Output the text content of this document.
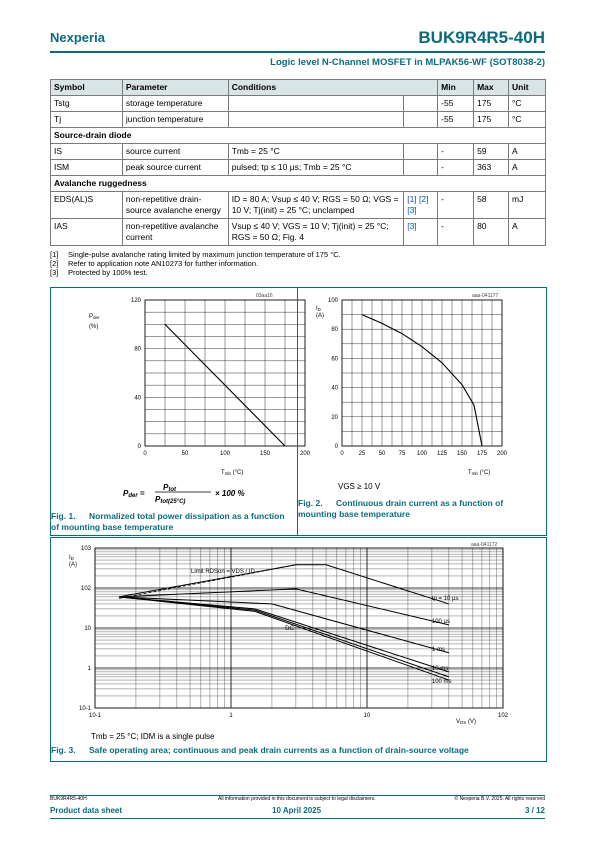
Nexperia	BUK9R4R5-40H
Logic level N-Channel MOSFET in MLPAK56-WF (SOT8038-2)
Symbol	Parameter	Conditions		Min	Max	Unit
Tstg	storage temperature			-55	175	°C
Tj	junction temperature			-55	175	°C
Source-drain diode						
IS	source current	Tmb = 25 °C		-	59	A
ISM	peak source current	pulsed; tp ≤ 10 µs; Tmb = 25 °C		-	363	A
Avalanche ruggedness						
EDS(AL)S	non-repetitive drain-source avalanche energy	ID = 80 A; Vsup ≤ 40 V; RGS = 50 Ω; VGS = 10 V; Tj(init) = 25 °C; unclamped	[1] [2] [3]	-	58	mJ
IAS	non-repetitive avalanche current	Vsup ≤ 40 V; VGS = 10 V; Tj(init) = 25 °C; RGS = 50 Ω; Fig. 4	[3]	-	80	A
[1] Single-pulse avalanche rating limited by maximum junction temperature of 175 °C.
[2] Refer to application note AN10273 for further information.
[3] Protected by 100% test.
03aa16
0	50	100	150	200
0
40
80
120
Pder
(%)
Tmb (°C)
Pder =
Ptot
Ptot(25°C)
× 100 %
Fig. 1. Normalized total power dissipation as a function of mounting base temperature
aaa-041177
0 25 50 75 100 125 150 175 200
0
20
40
60
80
100
ID
(A)
Tmb (°C)
VGS ≥ 10 V
Fig. 2. Continuous drain current as a function of mounting base temperature
aaa-041172
10-1	1	10	102
10-1
1
10
102
103
tp = 10 µs
100 µs
1 ms
10 ms
100 ms
DC
ID
(A)
VDS (V)
Limit RDSon = VDS / ID
Tmb = 25 °C; IDM is a single pulse
Fig. 3. Safe operating area; continuous and peak drain currents as a function of drain-source voltage
BUK9R4R5-40H	All information provided in this document is subject to legal disclaimers.	© Nexperia B.V. 2025. All rights reserved
Product data sheet	10 April 2025	3 / 12
